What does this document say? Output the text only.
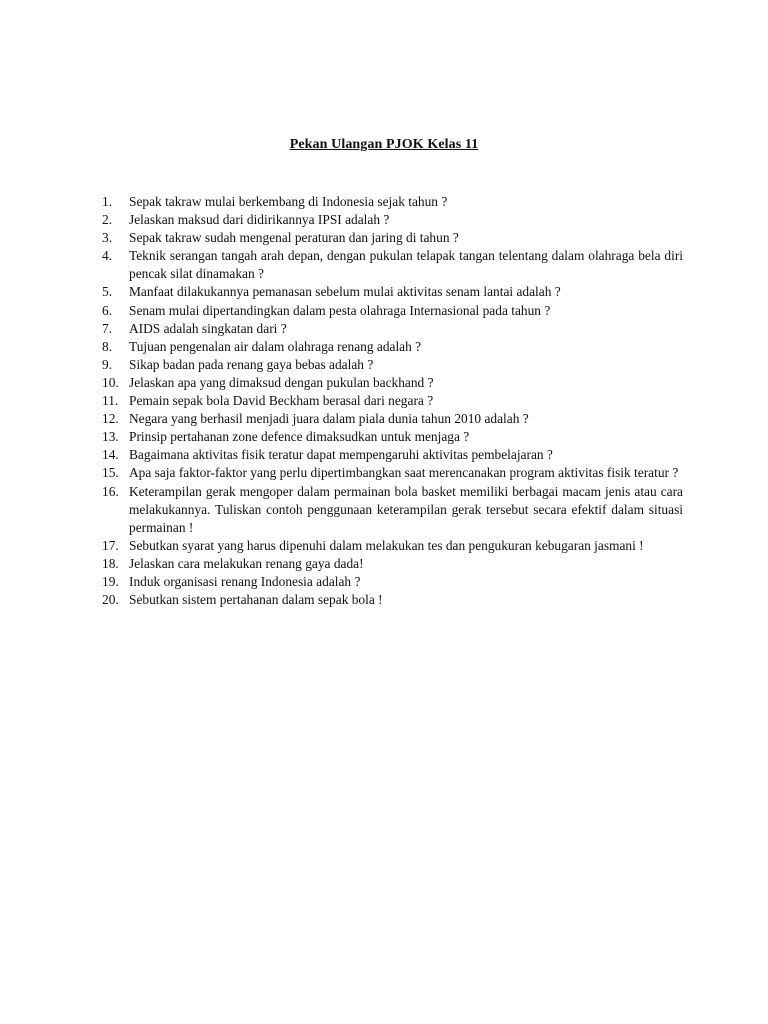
Pekan Ulangan PJOK Kelas 11
1.	Sepak takraw mulai berkembang di Indonesia sejak tahun ?
2.	Jelaskan maksud dari didirikannya IPSI adalah ?
3.	Sepak takraw sudah mengenal peraturan dan jaring di tahun ?
4.	Teknik serangan tangah arah depan, dengan pukulan telapak tangan telentang dalam olahraga bela diri pencak silat dinamakan ?
5.	Manfaat dilakukannya pemanasan sebelum mulai aktivitas senam lantai adalah ?
6.	Senam mulai dipertandingkan dalam pesta olahraga Internasional pada tahun ?
7.	AIDS adalah singkatan dari ?
8.	Tujuan pengenalan air dalam olahraga renang adalah ?
9.	Sikap badan pada renang gaya bebas adalah ?
10. Jelaskan apa yang dimaksud dengan pukulan backhand ?
11. Pemain sepak bola David Beckham berasal dari negara ?
12. Negara yang berhasil menjadi juara dalam piala dunia tahun 2010 adalah ?
13. Prinsip pertahanan zone defence dimaksudkan untuk menjaga ?
14. Bagaimana aktivitas fisik teratur dapat mempengaruhi aktivitas pembelajaran ?
15. Apa saja faktor-faktor yang perlu dipertimbangkan saat merencanakan program aktivitas fisik teratur ?
16. Keterampilan gerak mengoper dalam permainan bola basket memiliki berbagai macam jenis atau cara melakukannya. Tuliskan contoh penggunaan keterampilan gerak tersebut secara efektif dalam situasi permainan !
17. Sebutkan syarat yang harus dipenuhi dalam melakukan tes dan pengukuran kebugaran jasmani !
18. Jelaskan cara melakukan renang gaya dada!
19. Induk organisasi renang Indonesia adalah ?
20. Sebutkan sistem pertahanan dalam sepak bola !
